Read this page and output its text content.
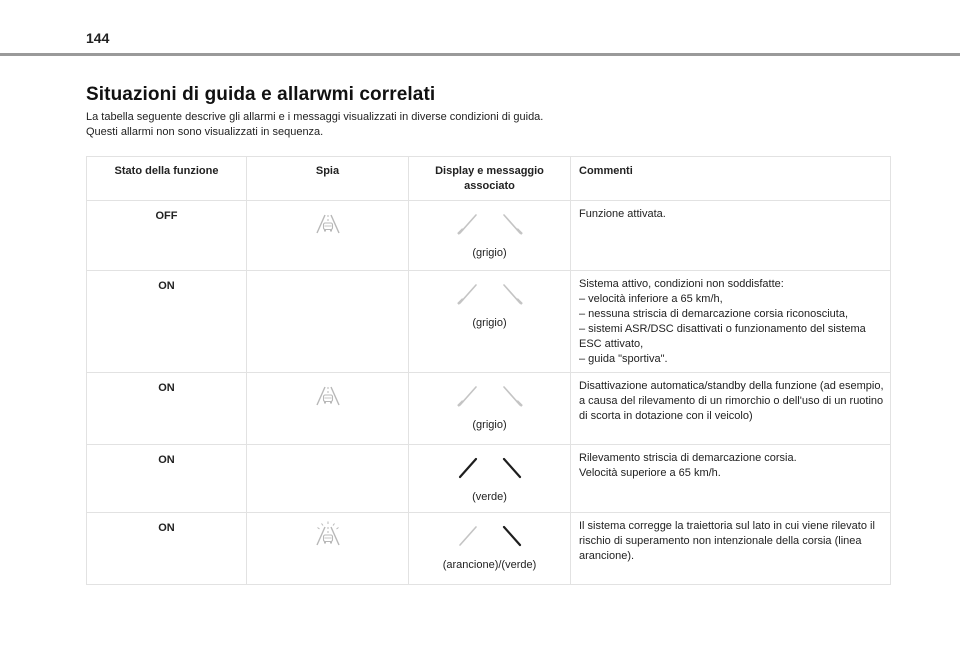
144
Situazioni di guida e allarwmi correlati

La tabella seguente descrive gli allarmi e i messaggi visualizzati in diverse condizioni di guida.

Questi allarmi non sono visualizzati in sequenza.

Stato della funzione	Spia	Display e messaggio associato	Commenti
OFF		(grigio)	Funzione attivata.

ON		(grigio)	Sistema attivo, condizioni non soddisfatte:
– velocità inferiore a 65 km/h,
– nessuna striscia di demarcazione corsia riconosciuta,
– sistemi ASR/DSC disattivati o funzionamento del sistema ESC attivato,
– guida "sportiva".

ON		(grigio)	Disattivazione automatica/standby della funzione (ad esempio, a causa del rilevamento di un rimorchio o dell'uso di un ruotino di scorta in dotazione con il veicolo)

ON		(verde)	Rilevamento striscia di demarcazione corsia.
Velocità superiore a 65 km/h.

ON		(arancione)/(verde)	Il sistema corregge la traiettoria sul lato in cui viene rilevato il rischio di superamento non intenzionale della corsia (linea arancione).
